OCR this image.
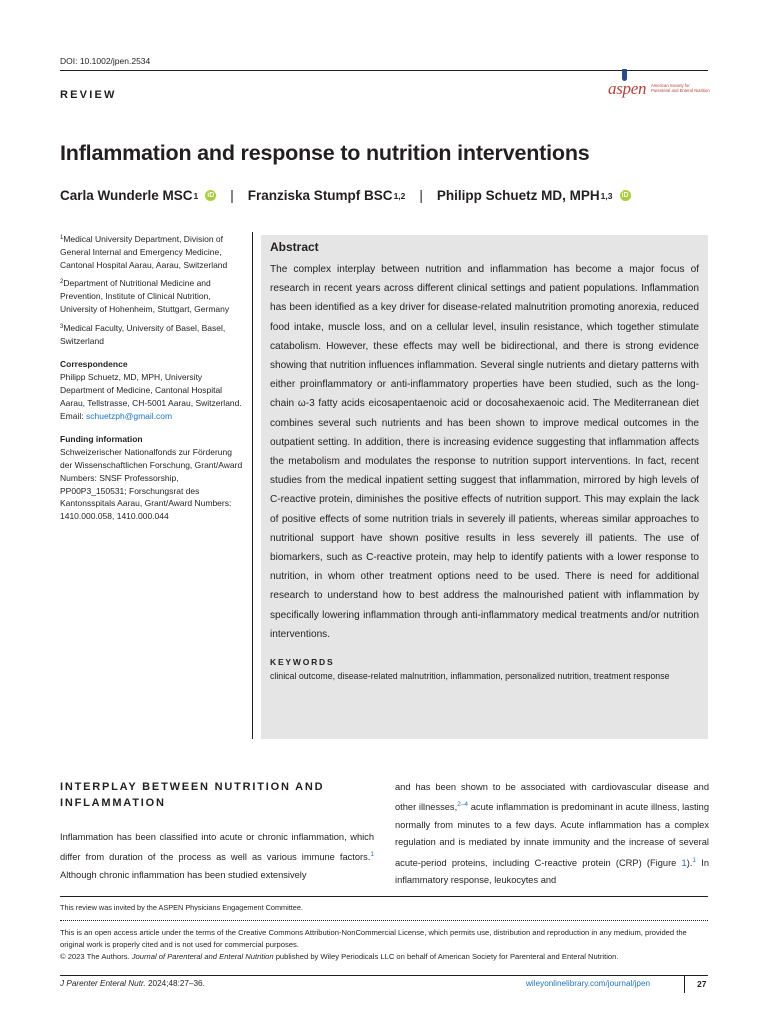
DOI: 10.1002/jpen.2534
REVIEW	aspen American Society for
Parenteral and Enteral Nutrition
Inflammation and response to nutrition interventions
Carla Wunderle MSC 1 iD | Franziska Stumpf BSC 1,2 | Philipp Schuetz MD, MPH 1,3 iD

$^1$Medical University Department, Division of General Internal and Emergency Medicine, Cantonal Hospital Aarau, Aarau, Switzerland

$^2$Department of Nutritional Medicine and Prevention, Institute of Clinical Nutrition, University of Hohenheim, Stuttgart, Germany

$^3$Medical Faculty, University of Basel, Basel, Switzerland

Correspondence

Philipp Schuetz, MD, MPH, University Department of Medicine, Cantonal Hospital Aarau, Tellstrasse, CH-5001 Aarau, Switzerland.
Email: schuetzph@gmail.com

Funding information

Schweizerischer Nationalfonds zur Förderung der Wissenschaftlichen Forschung, Grant/Award Numbers: SNSF Professorship, PP00P3_150531; Forschungsrat des Kantonsspitals Aarau, Grant/Award Numbers: 1410.000.058, 1410.000.044

Abstract
The complex interplay between nutrition and inflammation has become a major focus of research in recent years across different clinical settings and patient populations. Inflammation has been identified as a key driver for disease-related malnutrition promoting anorexia, reduced food intake, muscle loss, and on a cellular level, insulin resistance, which together stimulate catabolism. However, these effects may well be bidirectional, and there is strong evidence showing that nutrition influences inflammation. Several single nutrients and dietary patterns with either proinflammatory or anti-inflammatory properties have been studied, such as the long-chain ω-3 fatty acids eicosapentaenoic acid or docosahexaenoic acid. The Mediterranean diet combines several such nutrients and has been shown to improve medical outcomes in the outpatient setting. In addition, there is increasing evidence suggesting that inflammation affects the metabolism and modulates the response to nutrition support interventions. In fact, recent studies from the medical inpatient setting suggest that inflammation, mirrored by high levels of C-reactive protein, diminishes the positive effects of nutrition support. This may explain the lack of positive effects of some nutrition trials in severely ill patients, whereas similar approaches to nutritional support have shown positive results in less severely ill patients. The use of biomarkers, such as C-reactive protein, may help to identify patients with a lower response to nutrition, in whom other treatment options need to be used. There is need for additional research to understand how to best address the malnourished patient with inflammation by specifically lowering inflammation through anti-inflammatory medical treatments and/or nutrition interventions.
KEYWORDS
clinical outcome, disease-related malnutrition, inflammation, personalized nutrition, treatment response
INTERPLAY BETWEEN NUTRITION AND INFLAMMATION
Inflammation has been classified into acute or chronic inflammation, which differ from duration of the process as well as various immune factors.$^1$ Although chronic inflammation has been studied extensively
and has been shown to be associated with cardiovascular disease and other illnesses,$^{2-4}$ acute inflammation is predominant in acute illness, lasting normally from minutes to a few days. Acute inflammation has a complex regulation and is mediated by innate immunity and the increase of several acute-period proteins, including C-reactive protein (CRP) (Figure 1).$^1$ In inflammatory response, leukocytes and
This review was invited by the ASPEN Physicians Engagement Committee.
This is an open access article under the terms of the Creative Commons Attribution-NonCommercial License, which permits use, distribution and reproduction in any medium, provided the original work is properly cited and is not used for commercial purposes.
© 2023 The Authors. Journal of Parenteral and Enteral Nutrition published by Wiley Periodicals LLC on behalf of American Society for Parenteral and Enteral Nutrition.
J Parenter Enteral Nutr. 2024;48:27–36.	wileyonlinelibrary.com/journal/jpen	27
